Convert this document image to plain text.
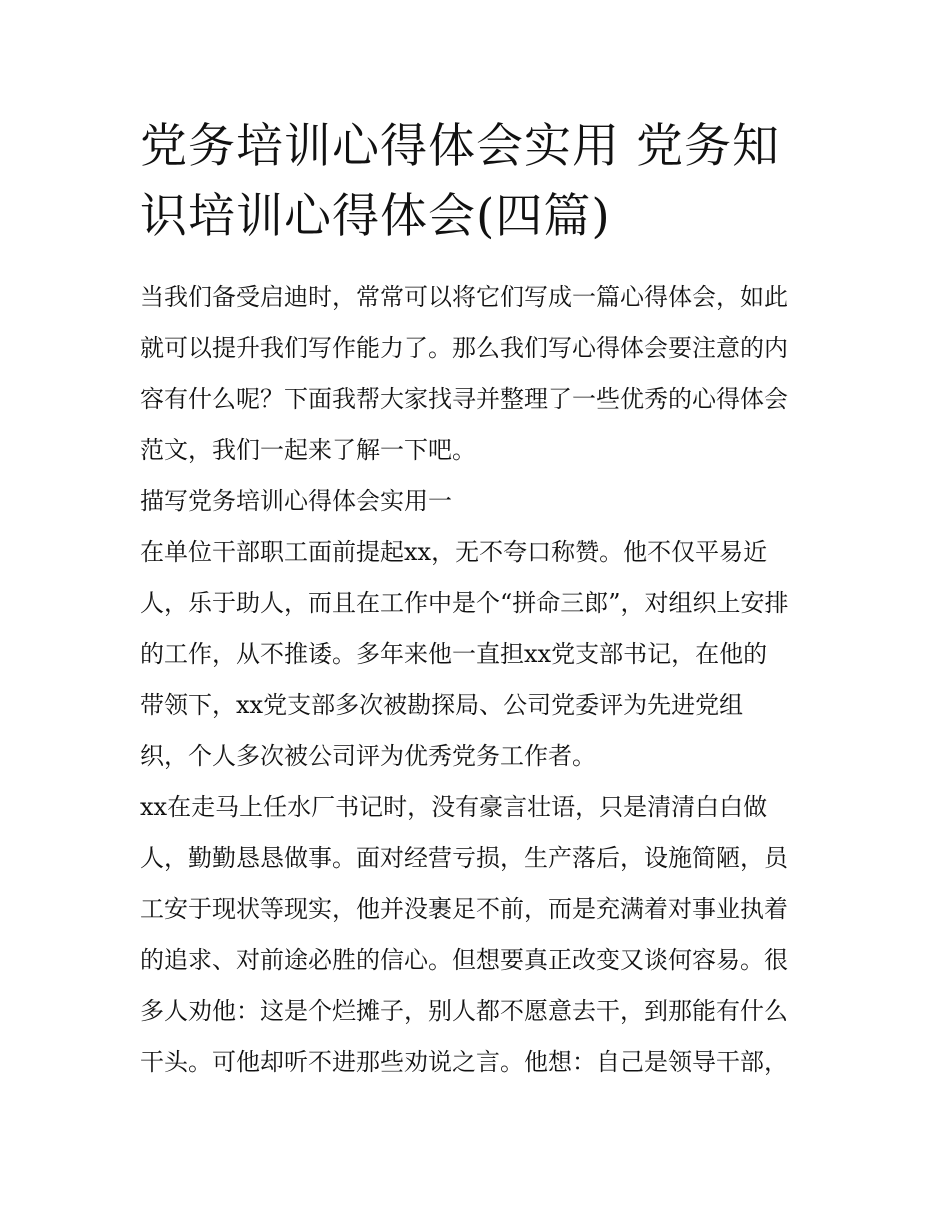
党务培训心得体会实用 党务知
识培训心得体会(四篇)
当我们备受启迪时，常常可以将它们写成一篇心得体会，如此
就可以提升我们写作能力了。那么我们写心得体会要注意的内
容有什么呢？下面我帮大家找寻并整理了一些优秀的心得体会
范文，我们一起来了解一下吧。
描写党务培训心得体会实用一
在单位干部职工面前提起xx，无不夸口称赞。他不仅平易近
人，乐于助人，而且在工作中是个“拼命三郎”，对组织上安排
的工作，从不推诿。多年来他一直担xx党支部书记，在他的
带领下，xx党支部多次被勘探局、公司党委评为先进党组
织，个人多次被公司评为优秀党务工作者。
xx在走马上任水厂书记时，没有豪言壮语，只是清清白白做
人，勤勤恳恳做事。面对经营亏损，生产落后，设施简陋，员
工安于现状等现实，他并没裹足不前，而是充满着对事业执着
的追求、对前途必胜的信心。但想要真正改变又谈何容易。很
多人劝他：这是个烂摊子，别人都不愿意去干，到那能有什么
干头。可他却听不进那些劝说之言。他想：自己是领导干部，
